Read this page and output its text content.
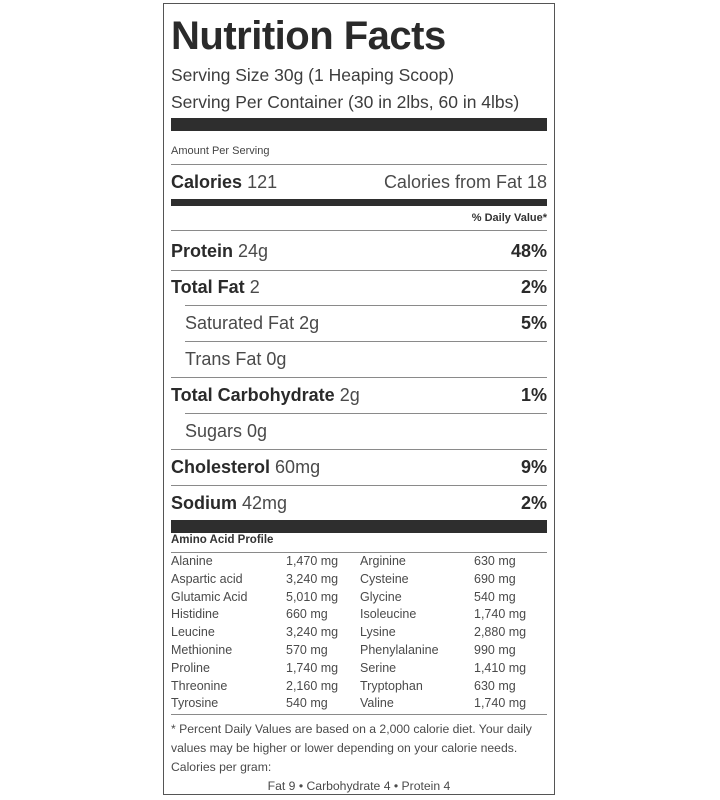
Nutrition Facts
Serving Size 30g (1 Heaping Scoop)
Serving Per Container (30 in 2lbs, 60 in 4lbs)
Amount Per Serving
Calories 121	Calories from Fat 18
% Daily Value*
Protein 24g	48%
Total Fat 2	2%
Saturated Fat 2g	5%
Trans Fat 0g
Total Carbohydrate 2g	1%
Sugars 0g
Cholesterol 60mg	9%
Sodium 42mg	2%
Amino Acid Profile
Alanine	1,470 mg Arginine	630 mg
Aspartic acid	3,240 mg Cysteine	690 mg
Glutamic Acid	5,010 mg Glycine	540 mg
Histidine	660 mg	Isoleucine	1,740 mg
Leucine	3,240 mg Lysine	2,880 mg
Methionine	570 mg	Phenylalanine	990 mg
Proline	1,740 mg Serine	1,410 mg
Threonine	2,160 mg Tryptophan	630 mg
Tyrosine	540 mg	Valine	1,740 mg
* Percent Daily Values are based on a 2,000 calorie diet. Your daily values may be higher or lower depending on your calorie needs.
Calories per gram:
Fat 9 • Carbohydrate 4 • Protein 4
